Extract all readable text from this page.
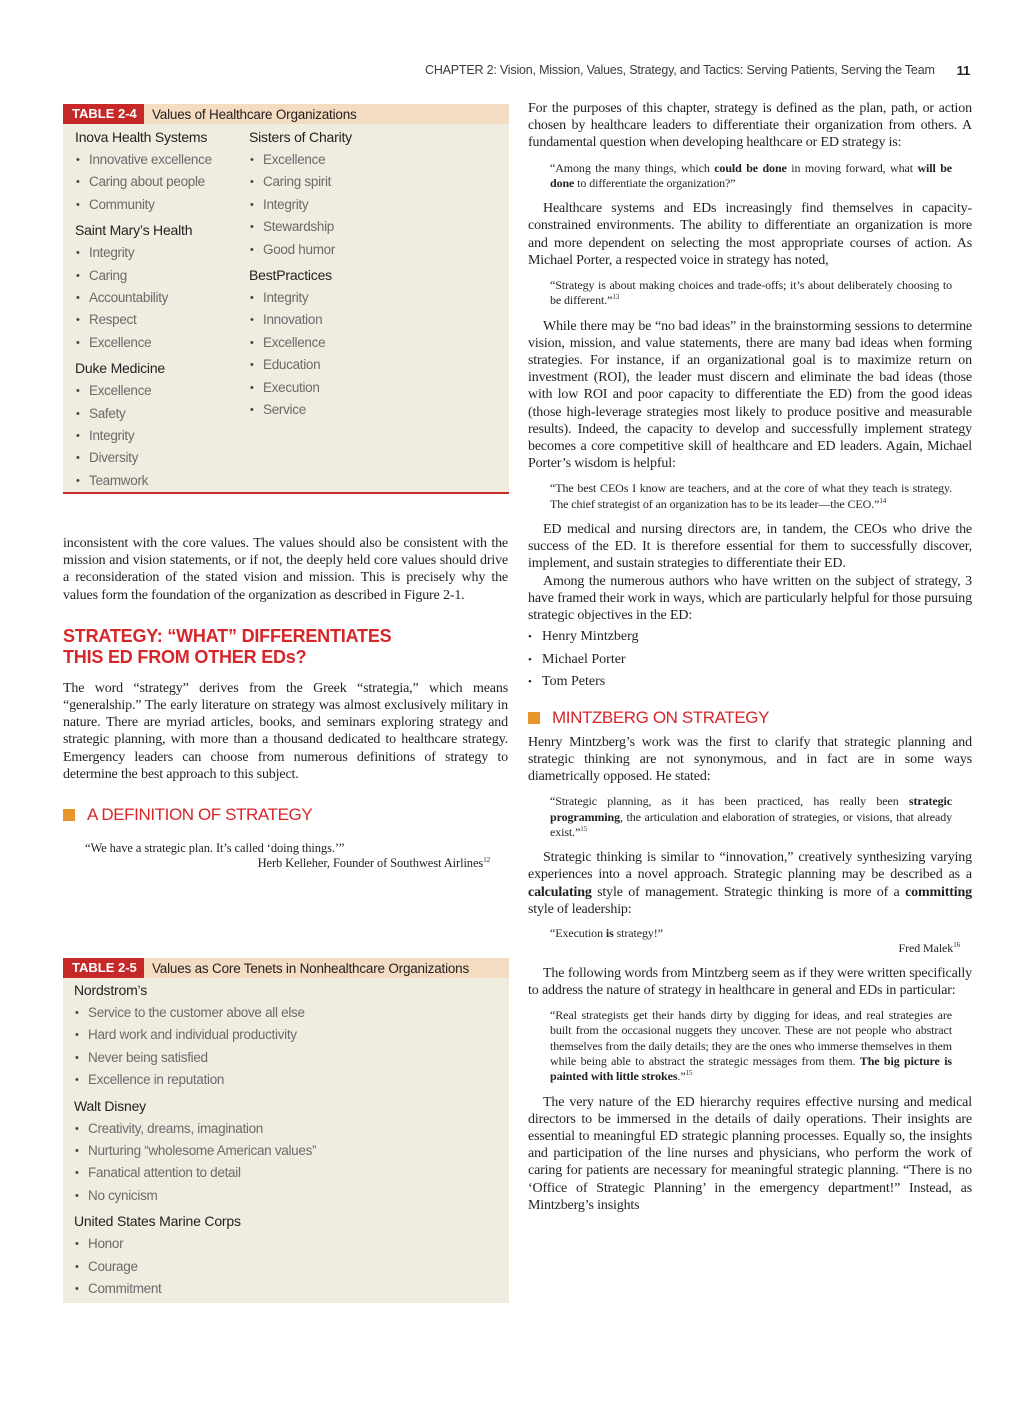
CHAPTER 2: Vision, Mission, Values, Strategy, and Tactics: Serving Patients, Serving the Team 11
TABLE 2-4	Values of Healthcare Organizations
Inova Health Systems
• Innovative excellence
• Caring about people
• Community
Saint Mary’s Health
• Integrity
• Caring
• Accountability
• Respect
• Excellence
Duke Medicine
• Excellence
• Safety
• Integrity
• Diversity
• Teamwork
Sisters of Charity
• Excellence
• Caring spirit
• Integrity
• Stewardship
• Good humor
BestPractices
• Integrity
• Innovation
• Excellence
• Education
• Execution
• Service

inconsistent with the core values. The values should also be consistent with the mission and vision statements, or if not, the deeply held core values should drive a reconsideration of the stated vision and mission. This is precisely why the values form the foundation of the organization as described in Figure 2-1.

STRATEGY: “WHAT” DIFFERENTIATES
THIS ED FROM OTHER EDs?

The word “strategy” derives from the Greek “strategia,” which means “generalship.” The early literature on strategy was almost exclusively military in nature. There are myriad articles, books, and seminars exploring strategy and strategic planning, with more than a thousand dedicated to healthcare strategy. Emergency leaders can choose from numerous definitions of strategy to determine the best approach to this subject.

A DEFINITION OF STRATEGY
“We have a strategic plan. It’s called ‘doing things.’”
Herb Kelleher, Founder of Southwest Airlines$^{12}$
TABLE 2-5	Values as Core Tenets in Nonhealthcare Organizations
Nordstrom’s
• Service to the customer above all else
• Hard work and individual productivity
• Never being satisfied
• Excellence in reputation
Walt Disney
• Creativity, dreams, imagination
• Nurturing “wholesome American values”
• Fanatical attention to detail
• No cynicism
United States Marine Corps
• Honor
• Courage
• Commitment

For the purposes of this chapter, strategy is defined as the plan, path, or action chosen by healthcare leaders to differentiate their organization from others. A fundamental question when developing healthcare or ED strategy is:

“Among the many things, which could be done in moving forward, what will be done to differentiate the organization?”

Healthcare systems and EDs increasingly find themselves in capacity-constrained environments. The ability to differentiate an organization is more and more dependent on selecting the most appropriate courses of action. As Michael Porter, a respected voice in strategy has noted,

“Strategy is about making choices and trade-offs; it’s about deliberately choosing to be different.”$^{13}$

While there may be “no bad ideas” in the brainstorming sessions to determine vision, mission, and value statements, there are many bad ideas when forming strategies. For instance, if an organizational goal is to maximize return on investment (ROI), the leader must discern and eliminate the bad ideas (those with low ROI and poor capacity to differentiate the ED) from the good ideas (those high-leverage strategies most likely to produce positive and measurable results). Indeed, the capacity to develop and successfully implement strategy becomes a core competitive skill of healthcare and ED leaders. Again, Michael Porter’s wisdom is helpful:

“The best CEOs I know are teachers, and at the core of what they teach is strategy. The chief strategist of an organization has to be its leader—the CEO.”$^{14}$

ED medical and nursing directors are, in tandem, the CEOs who drive the success of the ED. It is therefore essential for them to successfully discover, implement, and sustain strategies to differentiate their ED.

Among the numerous authors who have written on the subject of strategy, 3 have framed their work in ways, which are particularly helpful for those pursuing strategic objectives in the ED:

• Henry Mintzberg
• Michael Porter
• Tom Peters
MINTZBERG ON STRATEGY

Henry Mintzberg’s work was the first to clarify that strategic planning and strategic thinking are not synonymous, and in fact are in some ways diametrically opposed. He stated:

“Strategic planning, as it has been practiced, has really been strategic programming, the articulation and elaboration of strategies, or visions, that already exist.”$^{15}$

Strategic thinking is similar to “innovation,” creatively synthesizing varying experiences into a novel approach. Strategic planning may be described as a calculating style of management. Strategic thinking is more of a committing style of leadership:

“Execution is strategy!”
Fred Malek$^{16}$

The following words from Mintzberg seem as if they were written specifically to address the nature of strategy in healthcare in general and EDs in particular:

“Real strategists get their hands dirty by digging for ideas, and real strategies are built from the occasional nuggets they uncover. These are not people who abstract themselves from the daily details; they are the ones who immerse themselves in them while being able to abstract the strategic messages from them. The big picture is painted with little strokes.”$^{15}$

The very nature of the ED hierarchy requires effective nursing and medical directors to be immersed in the details of daily operations. Their insights are essential to meaningful ED strategic planning processes. Equally so, the insights and participation of the line nurses and physicians, who perform the work of caring for patients are necessary for meaningful strategic planning. “There is no ‘Office of Strategic Planning’ in the emergency department!” Instead, as Mintzberg’s insights
